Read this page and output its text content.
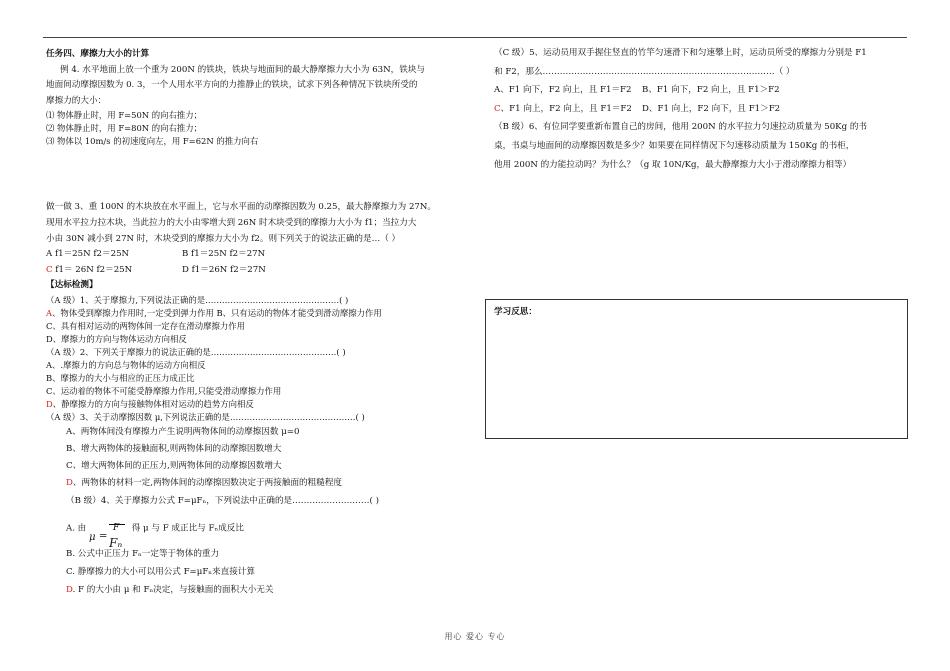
任务四、摩擦力大小的计算

例 4. 水平地面上放一个重为 200N 的铁块，铁块与地面间的最大静摩擦力大小为 63N，铁块与

地面间动摩擦因数为 0. 3，一个人用水平方向的力推静止的铁块，试求下列各种情况下铁块所受的

摩擦力的大小：

⑴ 物体静止时，用 F=50N 的向右推力；

⑵ 物体静止时，用 F=80N 的向右推力；

⑶ 物体以 10m/s 的初速度向左，用 F=62N 的推力向右

做一做 3、重 100N 的木块放在水平面上，它与水平面的动摩擦因数为 0.25，最大静摩擦力为 27N。

现用水平拉力拉木块，当此拉力的大小由零增大到 26N 时木块受到的摩擦力大小为 f1；当拉力大

小由 30N 减小到 27N 时，木块受到的摩擦力大小为 f2。则下列关于的说法正确的是…（ ）

A f1＝25N f2＝25N	B f1＝25N f2＝27N

C f1＝ 26N f2＝25N	D f1＝26N f2＝27N

【达标检测】

（A 级）1、关于摩擦力,下列说法正确的是…………………………………………( )

A、物体受到摩擦力作用时,一定受到弹力作用 B、只有运动的物体才能受到滑动摩擦力作用

C、具有相对运动的两物体间一定存在滑动摩擦力作用

D、摩擦力的方向与物体运动方向相反

（A 级）2、下列关于摩擦力的说法正确的是………………………………………( )

A、.摩擦力的方向总与物体的运动方向相反

B、摩擦力的大小与相应的正压力成正比

C、运动着的物体不可能受静摩擦力作用,只能受滑动摩擦力作用

D、静摩擦力的方向与接触物体相对运动的趋势方向相反

（A 级）3、关于动摩擦因数 μ,下列说法正确的是………………………………………( )

A、两物体间没有摩擦力产生说明两物体间的动摩擦因数 μ=0

B、增大两物体的接触面积,则两物体间的动摩擦因数增大

C、增大两物体间的正压力,则两物体间的动摩擦因数增大

D、两物体的材料一定,两物体间的动摩擦因数决定于两接触面的粗糙程度

（B 级）4、关于摩擦力公式 F=μFₙ，下列说法中正确的是………………………( )

A. 由
μ =
F
Fₙ
得 μ 与 F 成正比与 Fₙ成反比

B. 公式中正压力 Fₙ一定等于物体的重力

C. 静摩擦力的大小可以用公式 F=μFₙ来直接计算

D. F 的大小由 μ 和 Fₙ决定，与接触面的面积大小无关

（C 级）5、运动员用双手握住竖直的竹竿匀速滑下和匀速攀上时，运动员所受的摩擦力分别是 F1

和 F2，那么………………………………………………………………………（ ）

A、F1 向下，F2 向上，且 F1＝F2 B、F1 向下，F2 向上，且 F1＞F2

C、F1 向上，F2 向上，且 F1＝F2 D、F1 向上，F2 向下，且 F1＞F2

（B 级）6、有位同学要重新布置自己的房间，他用 200N 的水平拉力匀速拉动质量为 50Kg 的书

桌，书桌与地面间的动摩擦因数是多少？如果要在同样情况下匀速移动质量为 150Kg 的书柜，

他用 200N 的力能拉动吗？为什么？（g 取 10N/Kg，最大静摩擦力大小于滑动摩擦力相等）

学习反思：
用心 爱心 专心
